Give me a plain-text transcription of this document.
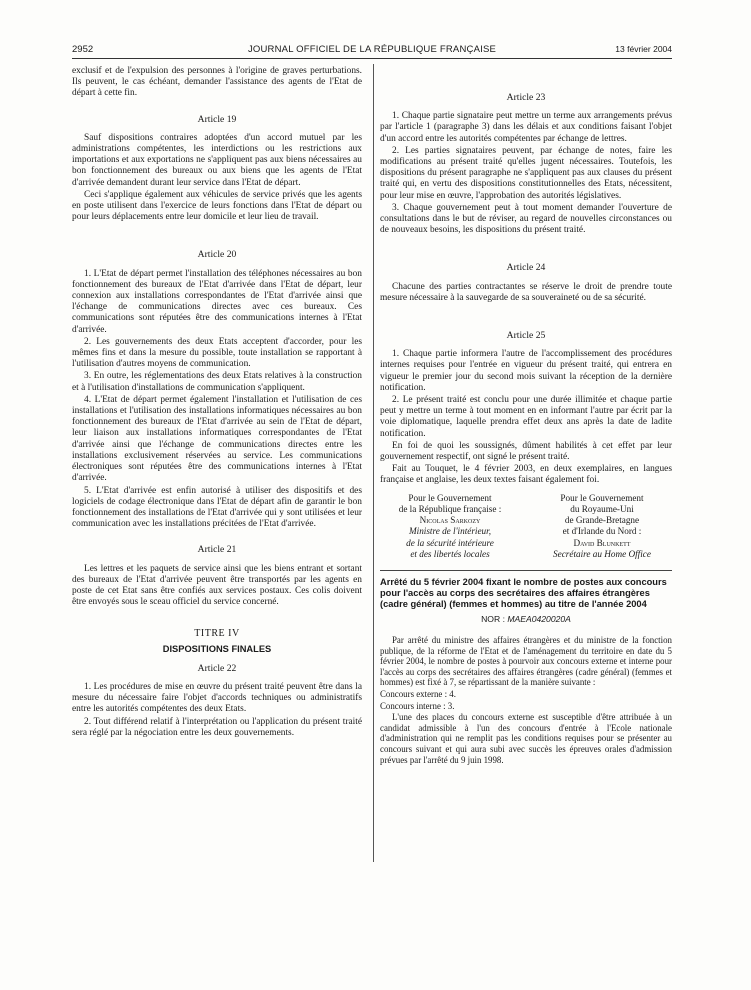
2952	JOURNAL OFFICIEL DE LA RÉPUBLIQUE FRANÇAISE	13 février 2004

exclusif et de l'expulsion des personnes à l'origine de graves perturbations. Ils peuvent, le cas échéant, demander l'assistance des agents de l'Etat de départ à cette fin.

Article 19

Sauf dispositions contraires adoptées d'un accord mutuel par les administrations compétentes, les interdictions ou les restrictions aux importations et aux exportations ne s'appliquent pas aux biens nécessaires au bon fonctionnement des bureaux ou aux biens que les agents de l'Etat d'arrivée demandent durant leur service dans l'Etat de départ.

Ceci s'applique également aux véhicules de service privés que les agents en poste utilisent dans l'exercice de leurs fonctions dans l'Etat de départ ou pour leurs déplacements entre leur domicile et leur lieu de travail.

Article 20

1. L'Etat de départ permet l'installation des téléphones nécessaires au bon fonctionnement des bureaux de l'Etat d'arrivée dans l'Etat de départ, leur connexion aux installations correspondantes de l'Etat d'arrivée ainsi que l'échange de communications directes avec ces bureaux. Ces communications sont réputées être des communications internes à l'Etat d'arrivée.

2. Les gouvernements des deux Etats acceptent d'accorder, pour les mêmes fins et dans la mesure du possible, toute installation se rapportant à l'utilisation d'autres moyens de communication.

3. En outre, les réglementations des deux Etats relatives à la construction et à l'utilisation d'installations de communication s'appliquent.

4. L'Etat de départ permet également l'installation et l'utilisation de ces installations et l'utilisation des installations informatiques nécessaires au bon fonctionnement des bureaux de l'Etat d'arrivée au sein de l'Etat de départ, leur liaison aux installations informatiques correspondantes de l'Etat d'arrivée ainsi que l'échange de communications directes entre les installations exclusivement réservées au service. Les communications électroniques sont réputées être des communications internes à l'Etat d'arrivée.

5. L'Etat d'arrivée est enfin autorisé à utiliser des dispositifs et des logiciels de codage électronique dans l'Etat de départ afin de garantir le bon fonctionnement des installations de l'Etat d'arrivée qui y sont utilisées et leur communication avec les installations précitées de l'Etat d'arrivée.

Article 21

Les lettres et les paquets de service ainsi que les biens entrant et sortant des bureaux de l'Etat d'arrivée peuvent être transportés par les agents en poste de cet Etat sans être confiés aux services postaux. Ces colis doivent être envoyés sous le sceau officiel du service concerné.

TITRE IV
DISPOSITIONS FINALES
Article 22

1. Les procédures de mise en œuvre du présent traité peuvent être dans la mesure du nécessaire faire l'objet d'accords techniques ou administratifs entre les autorités compétentes des deux Etats.

2. Tout différend relatif à l'interprétation ou l'application du présent traité sera réglé par la négociation entre les deux gouvernements.

Article 23

1. Chaque partie signataire peut mettre un terme aux arrangements prévus par l'article 1 (paragraphe 3) dans les délais et aux conditions faisant l'objet d'un accord entre les autorités compétentes par échange de lettres.

2. Les parties signataires peuvent, par échange de notes, faire les modifications au présent traité qu'elles jugent nécessaires. Toutefois, les dispositions du présent paragraphe ne s'appliquent pas aux clauses du présent traité qui, en vertu des dispositions constitutionnelles des Etats, nécessitent, pour leur mise en œuvre, l'approbation des autorités législatives.

3. Chaque gouvernement peut à tout moment demander l'ouverture de consultations dans le but de réviser, au regard de nouvelles circonstances ou de nouveaux besoins, les dispositions du présent traité.

Article 24

Chacune des parties contractantes se réserve le droit de prendre toute mesure nécessaire à la sauvegarde de sa souveraineté ou de sa sécurité.

Article 25

1. Chaque partie informera l'autre de l'accomplissement des procédures internes requises pour l'entrée en vigueur du présent traité, qui entrera en vigueur le premier jour du second mois suivant la réception de la dernière notification.

2. Le présent traité est conclu pour une durée illimitée et chaque partie peut y mettre un terme à tout moment en en informant l'autre par écrit par la voie diplomatique, laquelle prendra effet deux ans après la date de ladite notification.

En foi de quoi les soussignés, dûment habilités à cet effet par leur gouvernement respectif, ont signé le présent traité.

Fait au Touquet, le 4 février 2003, en deux exemplaires, en langues française et anglaise, les deux textes faisant également foi.

Pour le Gouvernement
de la République française :
Nicolas Sarkozy
Ministre de l'intérieur,
de la sécurité intérieure
et des libertés locales
Pour le Gouvernement
du Royaume-Uni
de Grande-Bretagne
et d'Irlande du Nord :
David Blunkett
Secrétaire au Home Office
Arrêté du 5 février 2004 fixant le nombre de postes aux concours pour l'accès au corps des secrétaires des affaires étrangères (cadre général) (femmes et hommes) au titre de l'année 2004
NOR : MAEA0420020A

Par arrêté du ministre des affaires étrangères et du ministre de la fonction publique, de la réforme de l'Etat et de l'aménagement du territoire en date du 5 février 2004, le nombre de postes à pourvoir aux concours externe et interne pour l'accès au corps des secrétaires des affaires étrangères (cadre général) (femmes et hommes) est fixé à 7, se répartissant de la manière suivante :

Concours externe : 4.

Concours interne : 3.

L'une des places du concours externe est susceptible d'être attribuée à un candidat admissible à l'un des concours d'entrée à l'Ecole nationale d'administration qui ne remplit pas les conditions requises pour se présenter au concours suivant et qui aura subi avec succès les épreuves orales d'admission prévues par l'arrêté du 9 juin 1998.
